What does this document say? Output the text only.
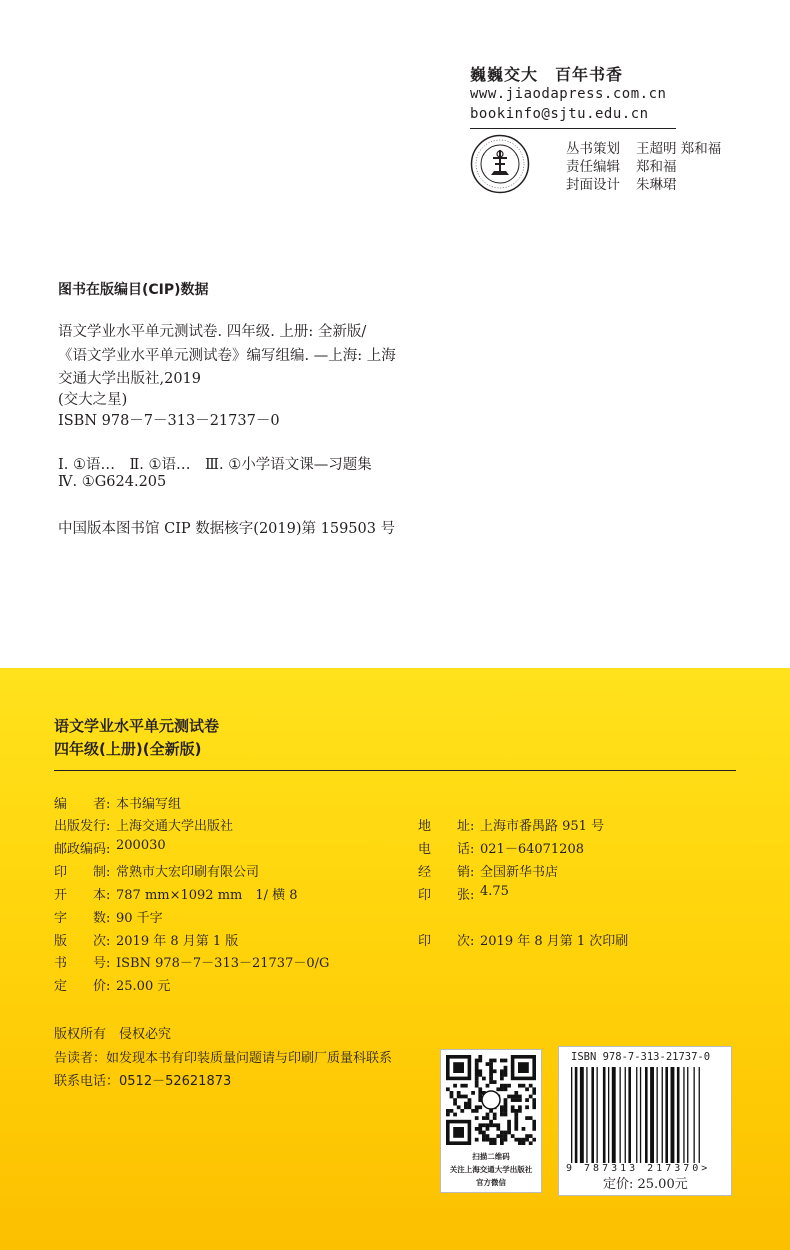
巍巍交大　百年书香
www.jiaodapress.com.cn
bookinfo@sjtu.edu.cn
丛书策划 王超明 郑和福
责任编辑 郑和福
封面设计 朱琳珺
图书在版编目(CIP)数据
语文学业水平单元测试卷. 四年级. 上册: 全新版/
《语文学业水平单元测试卷》编写组编. —上海: 上海
交通大学出版社,2019
(交大之星)
ISBN 978－7－313－21737－0
Ⅰ. ①语…　Ⅱ. ①语…　Ⅲ. ①小学语文课—习题集
Ⅳ. ①G624.205
中国版本图书馆 CIP 数据核字(2019)第 159503 号
语文学业水平单元测试卷
四年级(上册)(全新版)
编　　者: 本书编写组
出版发行: 上海交通大学出版社
邮政编码: 200030
印　　制: 常熟市大宏印刷有限公司
开　　本: 787 mm×1092 mm　1/ 横 8
字　　数: 90 千字
版　　次: 2019 年 8 月第 1 版
书　　号: ISBN 978－7－313－21737－0/G
定　　价: 25.00 元
地　　址: 上海市番禺路 951 号
电　　话: 021－64071208
经　　销: 全国新华书店
印　　张: 4.75
印　　次: 2019 年 8 月第 1 次印刷
版权所有　侵权必究
告读者：如发现本书有印装质量问题请与印刷厂质量科联系
联系电话：0512－52621873
扫描二维码
关注上海交通大学出版社
官方微信
ISBN 978-7-313-21737-0
9 787313 217370>
定价: 25.00元
